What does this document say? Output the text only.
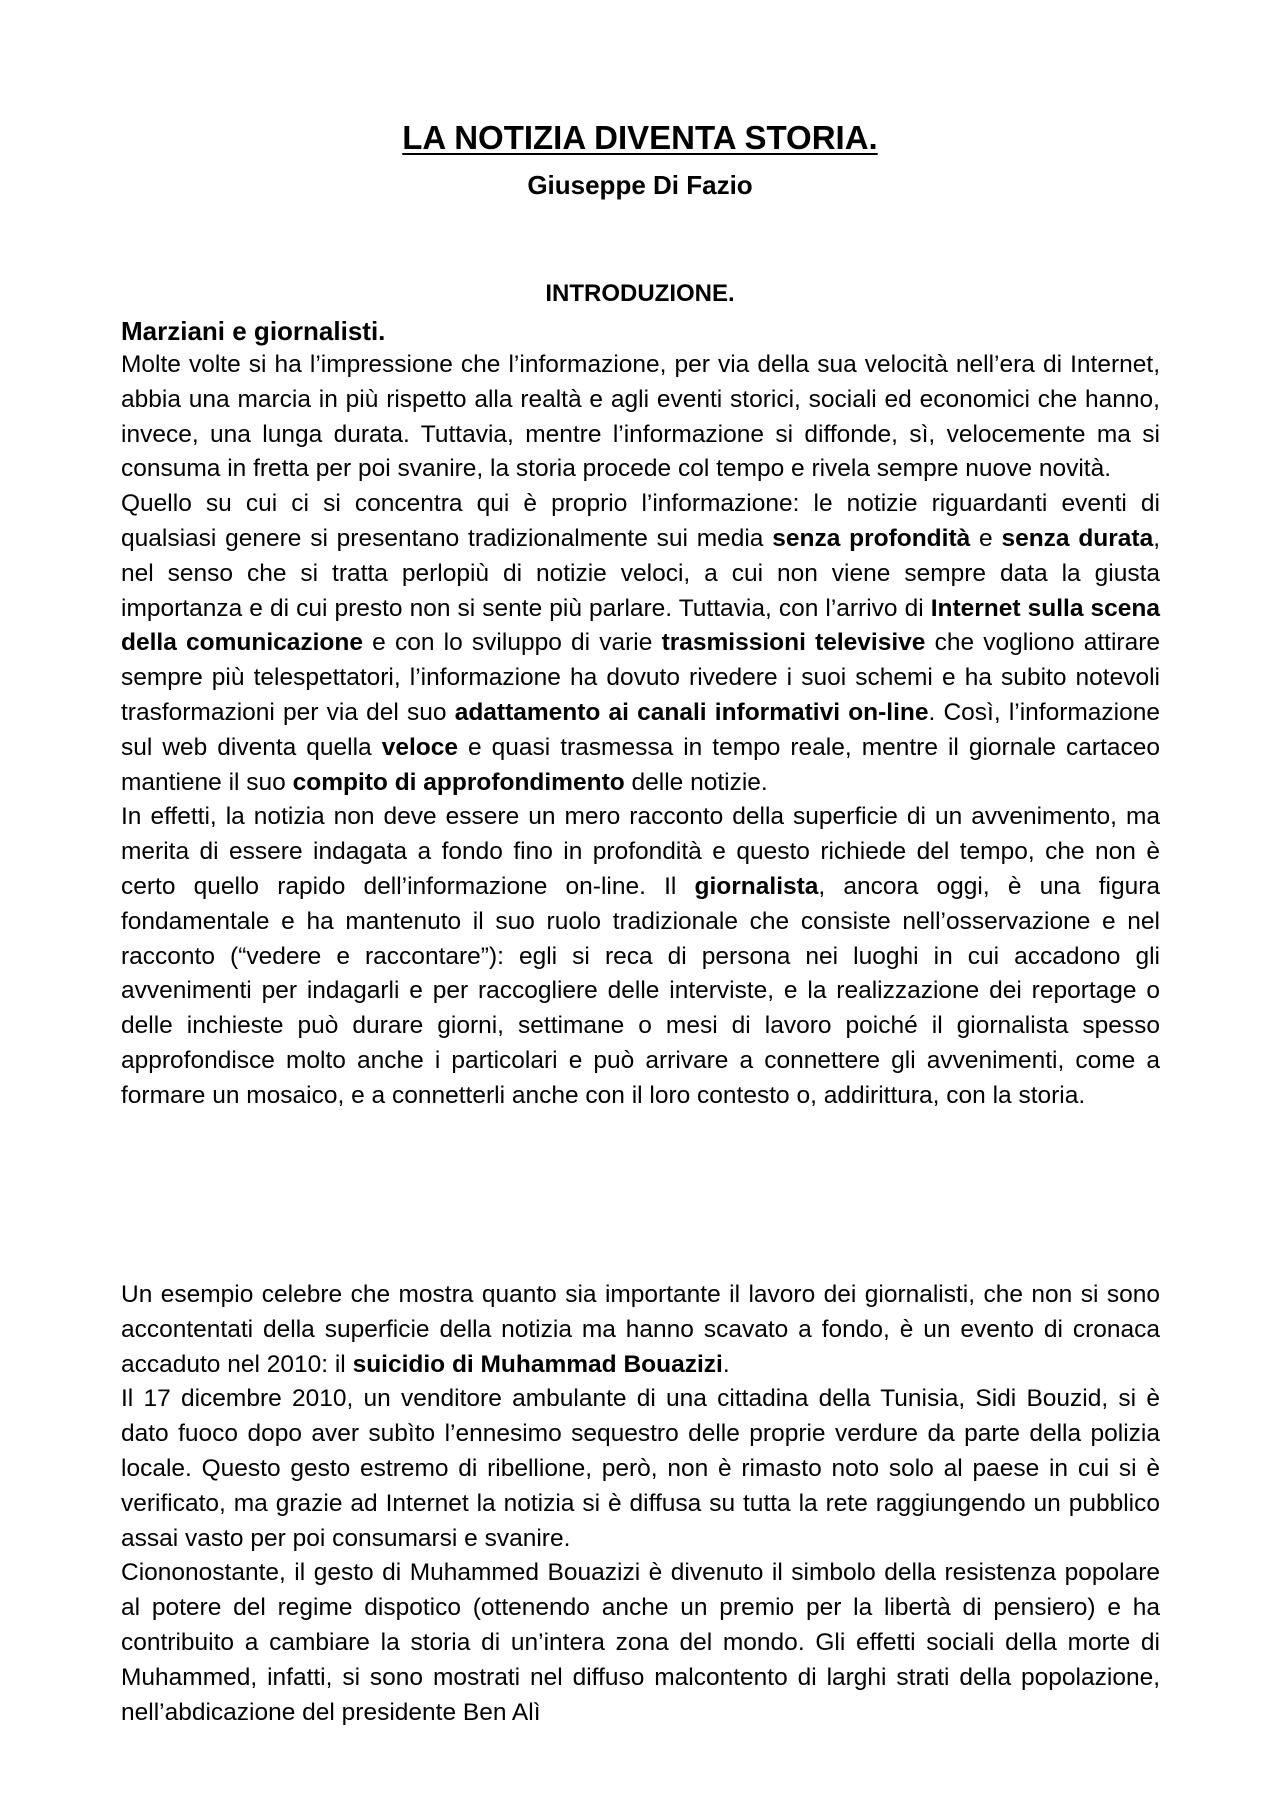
LA NOTIZIA DIVENTA STORIA.
Giuseppe Di Fazio
INTRODUZIONE.
Marziani e giornalisti.

Molte volte si ha l’impressione che l’informazione, per via della sua velocità nell’era di Internet, abbia una marcia in più rispetto alla realtà e agli eventi storici, sociali ed economici che hanno, invece, una lunga durata. Tuttavia, mentre l’informazione si diffonde, sì, velocemente ma si consuma in fretta per poi svanire, la storia procede col tempo e rivela sempre nuove novità.

Quello su cui ci si concentra qui è proprio l’informazione: le notizie riguardanti eventi di qualsiasi genere si presentano tradizionalmente sui media senza profondità e senza durata, nel senso che si tratta perlopiù di notizie veloci, a cui non viene sempre data la giusta importanza e di cui presto non si sente più parlare. Tuttavia, con l’arrivo di Internet sulla scena della comunicazione e con lo sviluppo di varie trasmissioni televisive che vogliono attirare sempre più telespettatori, l’informazione ha dovuto rivedere i suoi schemi e ha subito notevoli trasformazioni per via del suo adattamento ai canali informativi on-line. Così, l’informazione sul web diventa quella veloce e quasi trasmessa in tempo reale, mentre il giornale cartaceo mantiene il suo compito di approfondimento delle notizie.

In effetti, la notizia non deve essere un mero racconto della superficie di un avvenimento, ma merita di essere indagata a fondo fino in profondità e questo richiede del tempo, che non è certo quello rapido dell’informazione on-line. Il giornalista, ancora oggi, è una figura fondamentale e ha mantenuto il suo ruolo tradizionale che consiste nell’osservazione e nel racconto (“vedere e raccontare”): egli si reca di persona nei luoghi in cui accadono gli avvenimenti per indagarli e per raccogliere delle interviste, e la realizzazione dei reportage o delle inchieste può durare giorni, settimane o mesi di lavoro poiché il giornalista spesso approfondisce molto anche i particolari e può arrivare a connettere gli avvenimenti, come a formare un mosaico, e a connetterli anche con il loro contesto o, addirittura, con la storia.

Un esempio celebre che mostra quanto sia importante il lavoro dei giornalisti, che non si sono accontentati della superficie della notizia ma hanno scavato a fondo, è un evento di cronaca accaduto nel 2010: il suicidio di Muhammad Bouazizi.

Il 17 dicembre 2010, un venditore ambulante di una cittadina della Tunisia, Sidi Bouzid, si è dato fuoco dopo aver subìto l’ennesimo sequestro delle proprie verdure da parte della polizia locale. Questo gesto estremo di ribellione, però, non è rimasto noto solo al paese in cui si è verificato, ma grazie ad Internet la notizia si è diffusa su tutta la rete raggiungendo un pubblico assai vasto per poi consumarsi e svanire.

Ciononostante, il gesto di Muhammed Bouazizi è divenuto il simbolo della resistenza popolare al potere del regime dispotico (ottenendo anche un premio per la libertà di pensiero) e ha contribuito a cambiare la storia di un’intera zona del mondo. Gli effetti sociali della morte di Muhammed, infatti, si sono mostrati nel diffuso malcontento di larghi strati della popolazione, nell’abdicazione del presidente Ben Alì
